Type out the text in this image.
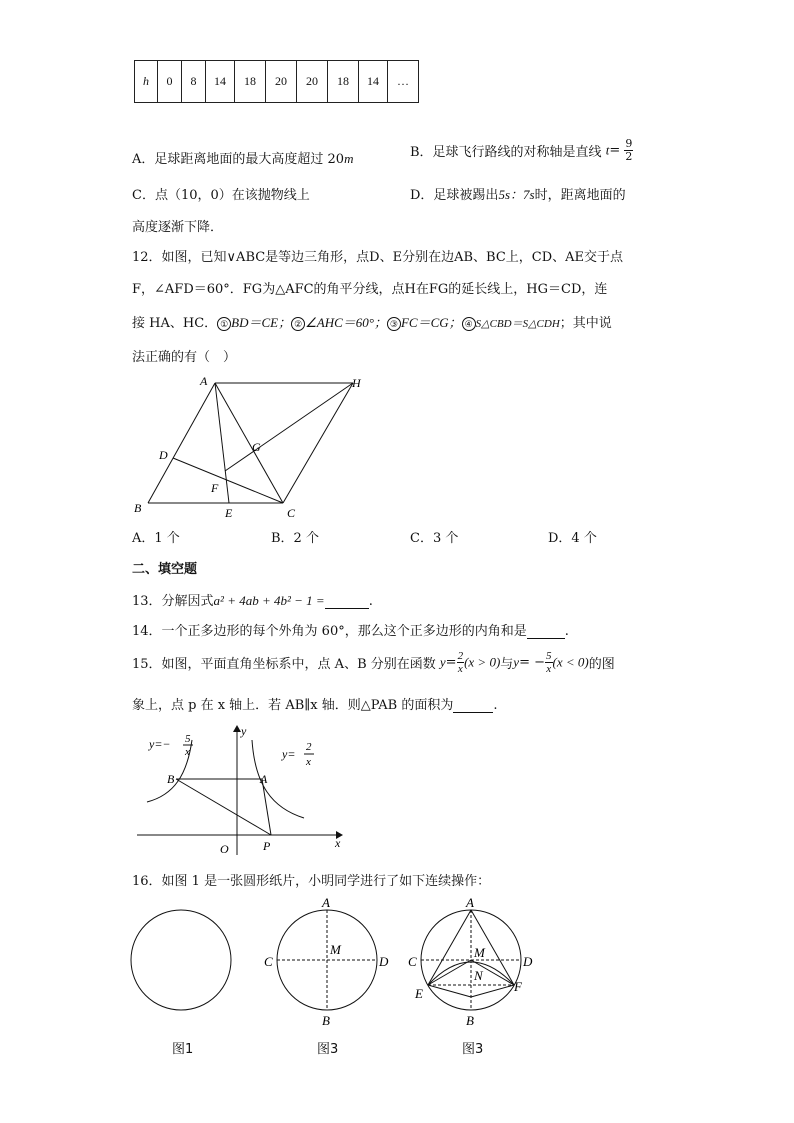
h	0	8	14	18	20	20	18	14	…
A．足球距离地面的最大高度超过 20m	B．足球飞行路线的对称轴是直线 $t= \frac{9}{2}$
C．点（10，0）在该抛物线上	D．足球被踢出5s：7s时，距离地面的
高度逐渐下降．
12．如图，已知∨ABC是等边三角形，点D、E分别在边AB、BC上，CD、AE交于点
F，∠AFD＝60°．FG为△AFC的角平分线，点H在FG的延长线上，HG＝CD，连
接 HA、HC． ① BD＝CE； ② ∠AHC＝60°； ③ FC＝CG； ④ S△CBD＝S△CDH；其中说
法正确的有（　）
A	H
D
G
F
B	E	C
A．1 个	B．2 个	C．3 个	D．4 个
二、填空题
13．分解因式a² + 4ab + 4b² − 1 =	.
14．一个正多边形的每个外角为 60°，那么这个正多边形的内角和是	.
15．如图，平面直角坐标系中，点 A、B 分别在函数 $y= \frac{2}{x} (x > 0)$与$y= - \frac{5}{x} (x < 0)$的图
象上，点 p 在 x 轴上．若 AB∥x 轴．则△PAB 的面积为	.
y=− 5
x	y= 2
x
y
x
O
B	A
P
16．如图 1 是一张圆形纸片，小明同学进行了如下连续操作：
A
B
C	D
M
A
B
C	D
M
N
E	F
图1	图3	图3
